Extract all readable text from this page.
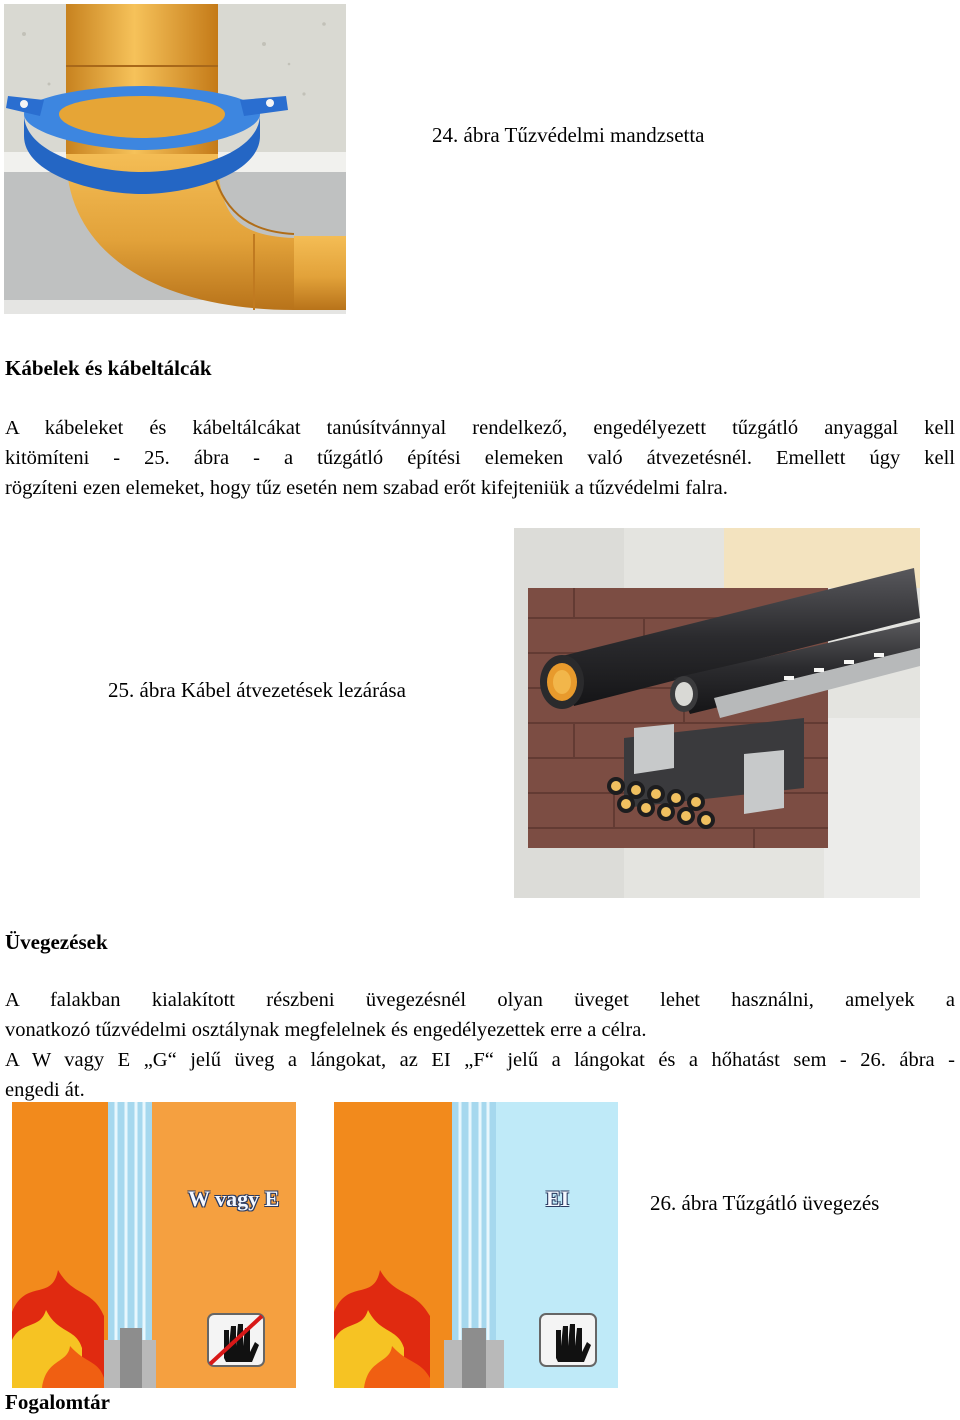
24. ábra Tűzvédelmi mandzsetta
Kábelek és kábeltálcák
A kábeleket és kábeltálcákat tanúsítvánnyal rendelkező, engedélyezett tűzgátló anyaggal kell
kitömíteni - 25. ábra - a tűzgátló építési elemeken való átvezetésnél. Emellett úgy kell
rögzíteni ezen elemeket, hogy tűz esetén nem szabad erőt kifejteniük a tűzvédelmi falra.
25. ábra Kábel átvezetések lezárása
Üvegezések
A falakban kialakított részbeni üvegezésnél olyan üveget lehet használni, amelyek a
vonatkozó tűzvédelmi osztálynak megfelelnek és engedélyezettek erre a célra.
A W vagy E „G“ jelű üveg a lángokat, az EI „F“ jelű a lángokat és a hőhatást sem - 26. ábra -
engedi át.
W vagy E	EI	26. ábra Tűzgátló üvegezés
Fogalomtár
